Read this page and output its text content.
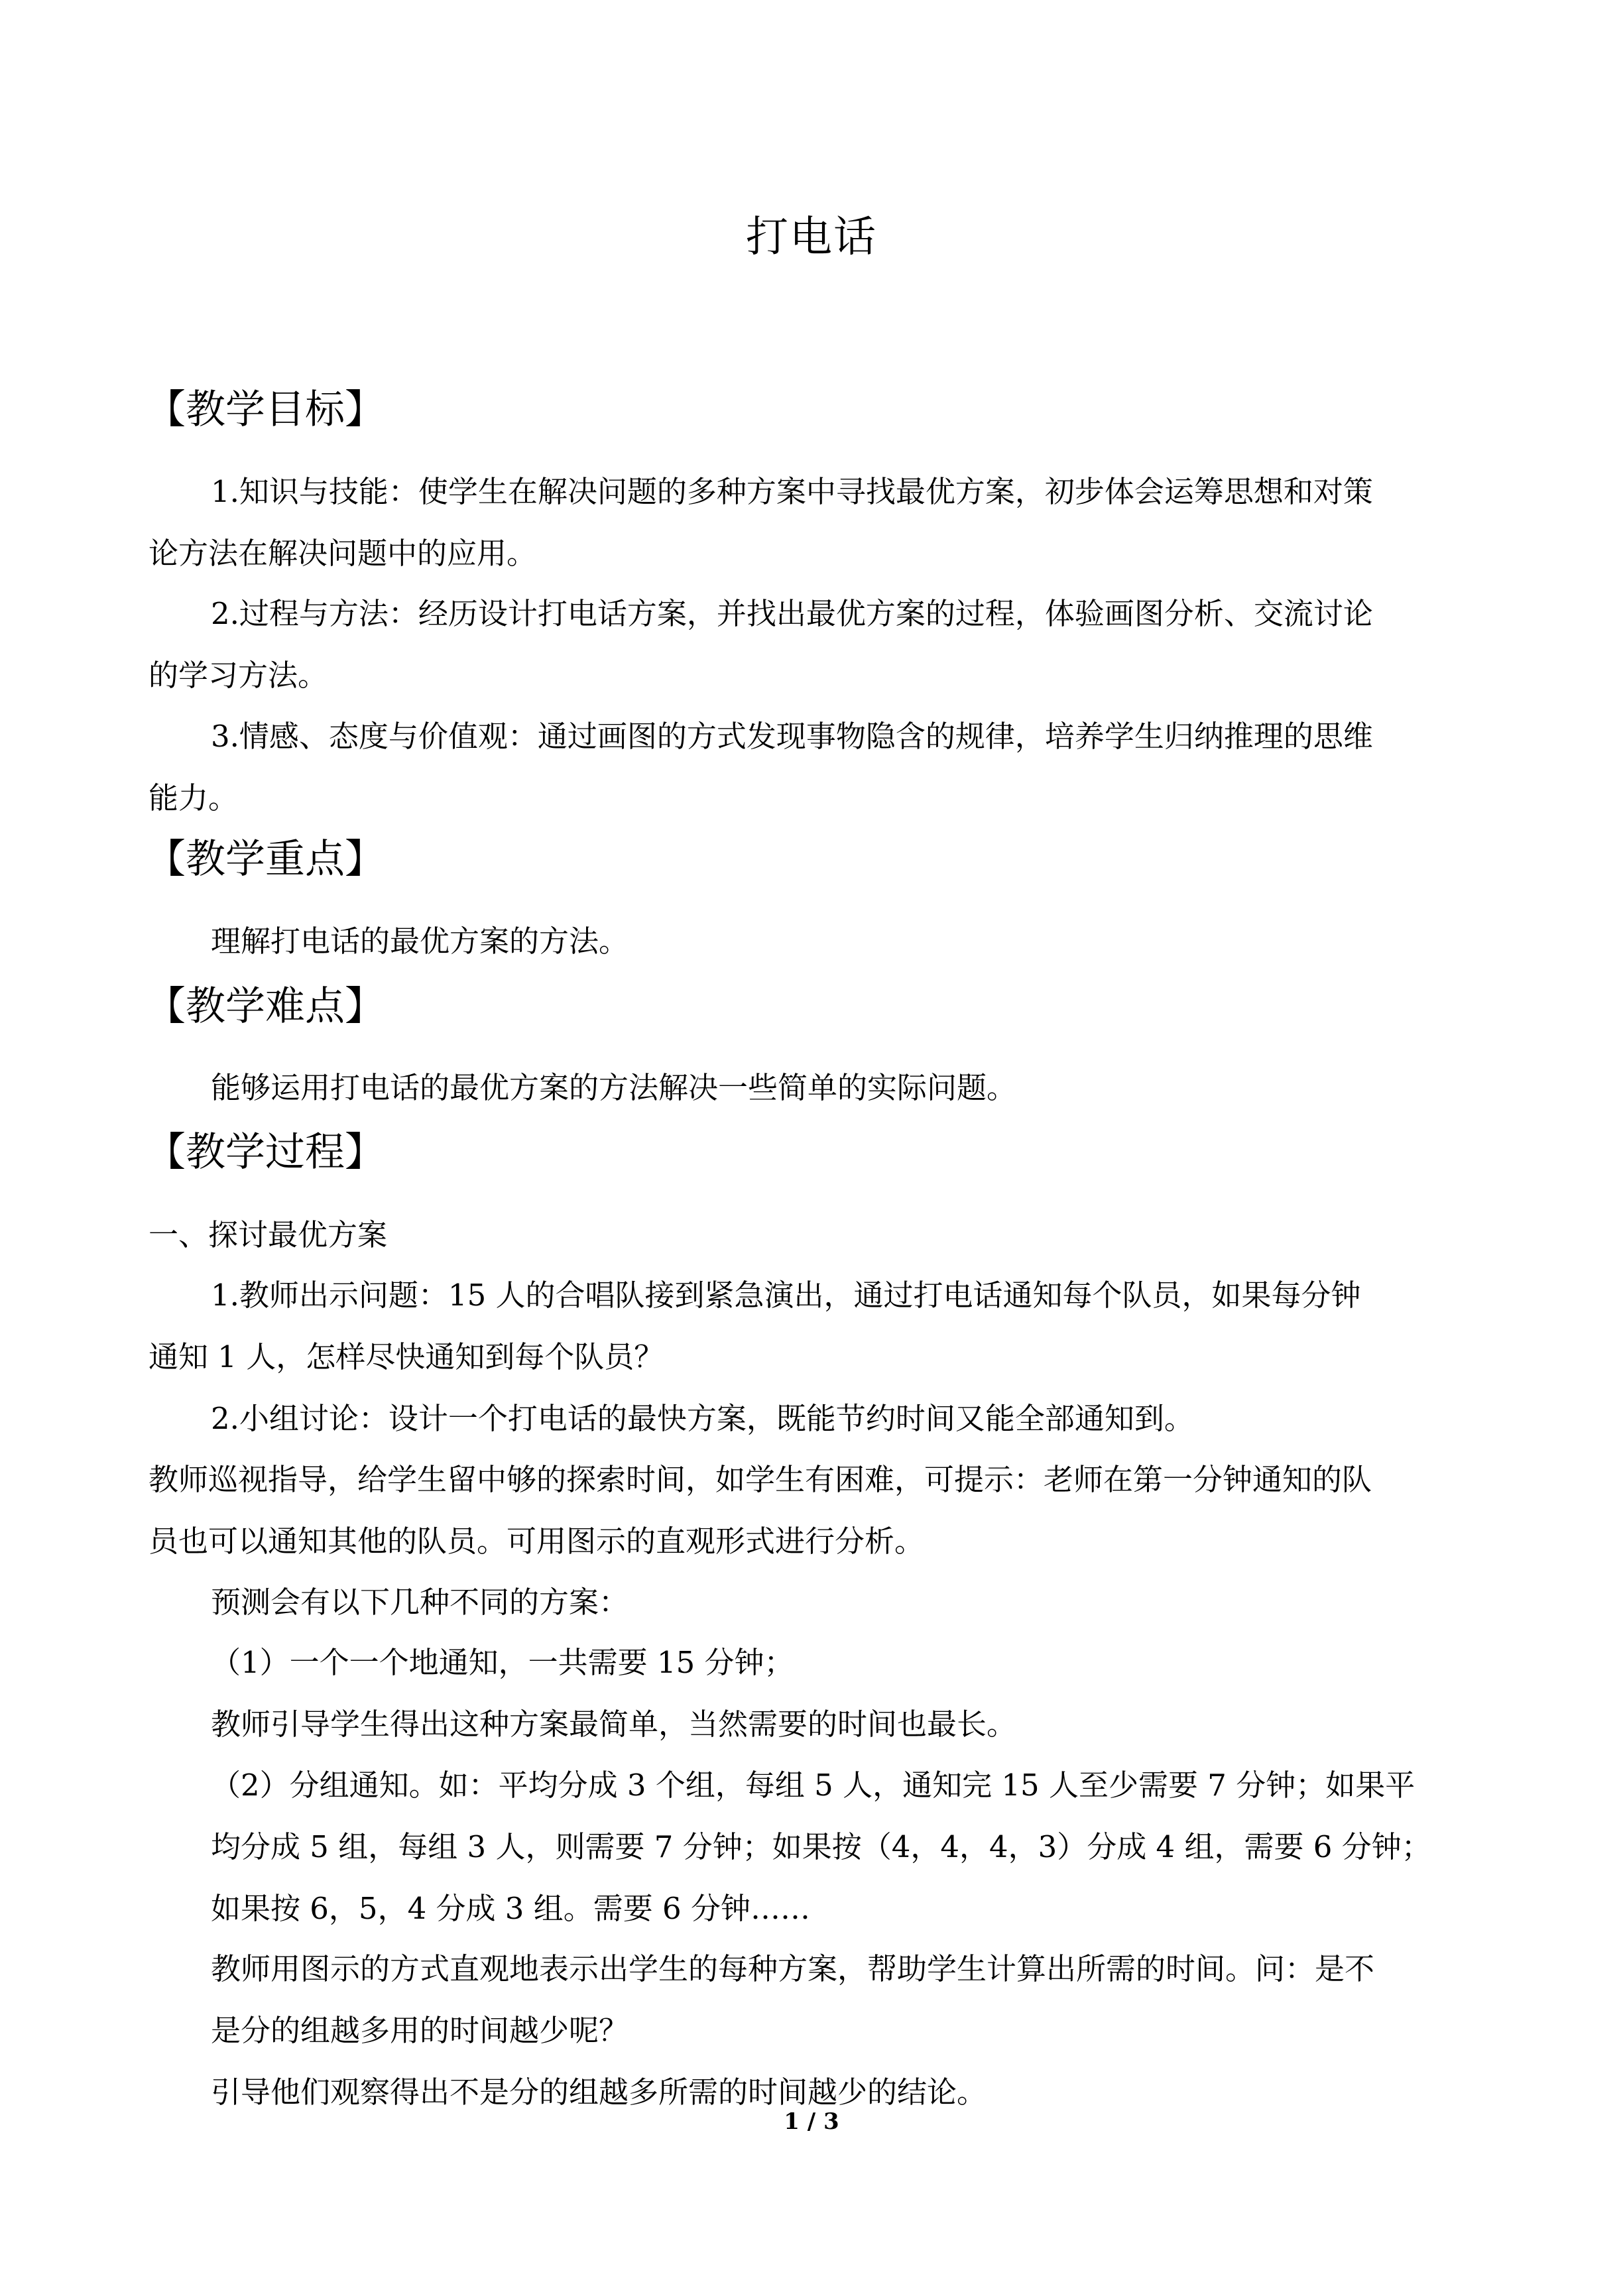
打电话
【教学目标】
1.知识与技能：使学生在解决问题的多种方案中寻找最优方案，初步体会运筹思想和对策
论方法在解决问题中的应用。
2.过程与方法：经历设计打电话方案，并找出最优方案的过程，体验画图分析、交流讨论
的学习方法。
3.情感、态度与价值观：通过画图的方式发现事物隐含的规律，培养学生归纳推理的思维
能力。
【教学重点】
理解打电话的最优方案的方法。
【教学难点】
能够运用打电话的最优方案的方法解决一些简单的实际问题。
【教学过程】
一、探讨最优方案
1.教师出示问题：15 人的合唱队接到紧急演出，通过打电话通知每个队员，如果每分钟
通知 1 人，怎样尽快通知到每个队员？
2.小组讨论：设计一个打电话的最快方案，既能节约时间又能全部通知到。
教师巡视指导，给学生留中够的探索时间，如学生有困难，可提示：老师在第一分钟通知的队
员也可以通知其他的队员。可用图示的直观形式进行分析。
预测会有以下几种不同的方案：
（1）一个一个地通知，一共需要 15 分钟；
教师引导学生得出这种方案最简单，当然需要的时间也最长。
（2）分组通知。如：平均分成 3 个组，每组 5 人，通知完 15 人至少需要 7 分钟；如果平
均分成 5 组，每组 3 人，则需要 7 分钟；如果按（4，4，4，3）分成 4 组，需要 6 分钟；
如果按 6，5，4 分成 3 组。需要 6 分钟……
教师用图示的方式直观地表示出学生的每种方案，帮助学生计算出所需的时间。问：是不
是分的组越多用的时间越少呢？
引导他们观察得出不是分的组越多所需的时间越少的结论。
1 / 3
